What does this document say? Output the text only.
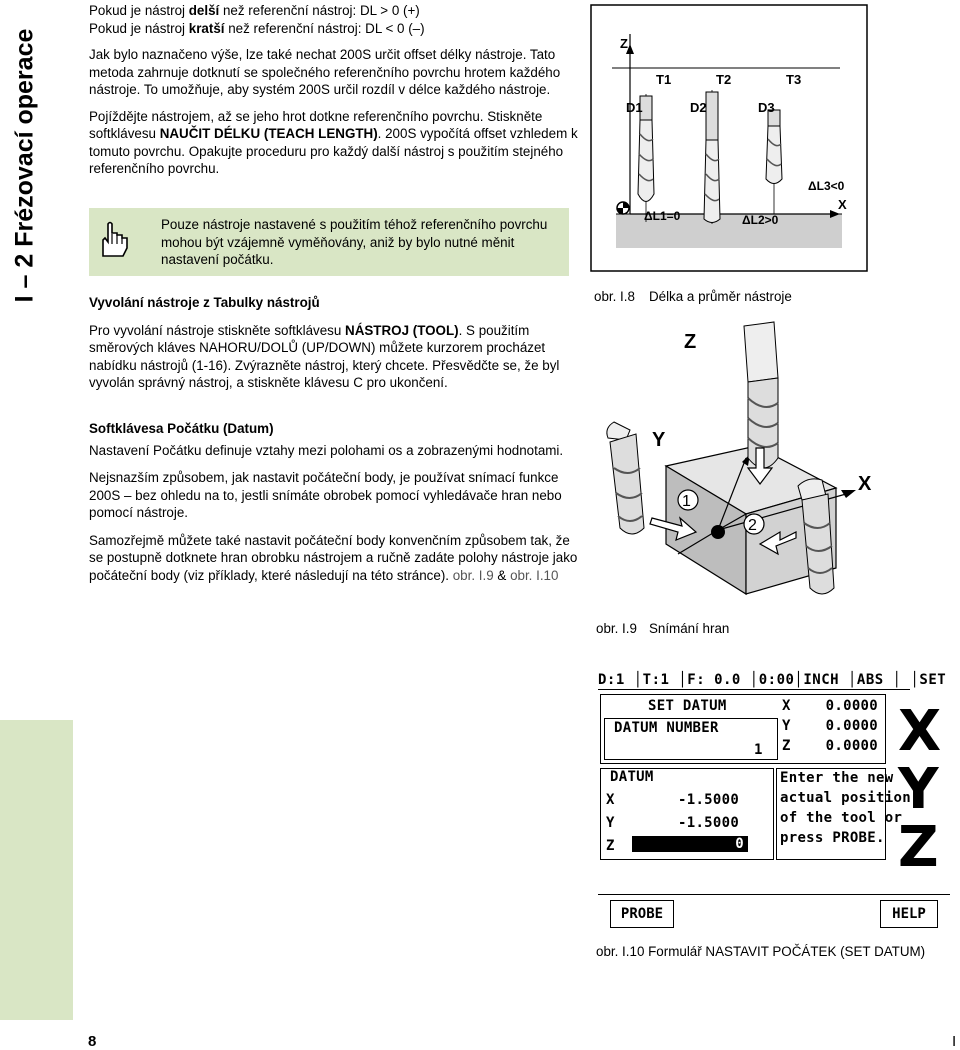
I – 2 Frézovací operace

Pokud je nástroj delší než referenční nástroj: DL > 0 (+)

Pokud je nástroj kratší než referenční nástroj: DL < 0 (–)

Jak bylo naznačeno výše, lze také nechat 200S určit offset délky nástroje. Tato metoda zahrnuje dotknutí se společného referenčního povrchu hrotem každého nástroje. To umožňuje, aby systém 200S určil rozdíl v délce každého nástroje.

Pojíždějte nástrojem, až se jeho hrot dotkne referenčního povrchu. Stiskněte softklávesu NAUČIT DÉLKU (TEACH LENGTH). 200S vypočítá offset vzhledem k tomuto povrchu. Opakujte proceduru pro každý další nástroj s použitím stejného referenčního povrchu.

Pouze nástroje nastavené s použitím téhož referenčního povrchu mohou být vzájemně vyměňovány, aniž by bylo nutné měnit nastavení počátku.

Vyvolání nástroje z Tabulky nástrojů

Pro vyvolání nástroje stiskněte softklávesu NÁSTROJ (TOOL). S použitím směrových kláves NAHORU/DOLŮ (UP/DOWN) můžete kurzorem procházet nabídku nástrojů (1-16). Zvýrazněte nástroj, který chcete. Přesvědčte se, že byl vyvolán správný nástroj, a stiskněte klávesu C pro ukončení.

Softklávesa Počátku (Datum)

Nastavení Počátku definuje vztahy mezi polohami os a zobrazenými hodnotami.

Nejsnazším způsobem, jak nastavit počáteční body, je používat snímací funkce 200S – bez ohledu na to, jestli snímáte obrobek pomocí vyhledávače hran nebo pomocí nástroje.

Samozřejmě můžete také nastavit počáteční body konvenčním způsobem tak, že se postupně dotknete hran obrobku nástrojem a ručně zadáte polohy nástroje jako počáteční body (viz příklady, které následují na této stránce). obr. I.9 & obr. I.10

Z
X
T1	T2	T3
D1	D2	D3
ΔL1=0	ΔL2>0
ΔL3<0
obr. I.8 Délka a průměr nástroje
Z
Y
X
1
2
obr. I.9 Snímání hran
D:1 │T:1 │F: 0.0 │0:00│INCH │ABS │ │SET
SET DATUM
DATUM NUMBER
1
X    0.0000
Y    0.0000
Z    0.0000
DATUM
X	-1.5000
Y	-1.5000
Z	0
Enter the new
actual position
of the tool or
press PROBE.
X
Y
Z
PROBE	HELP
obr. I.10 Formulář NASTAVIT POČÁTEK (SET DATUM)
8	I
